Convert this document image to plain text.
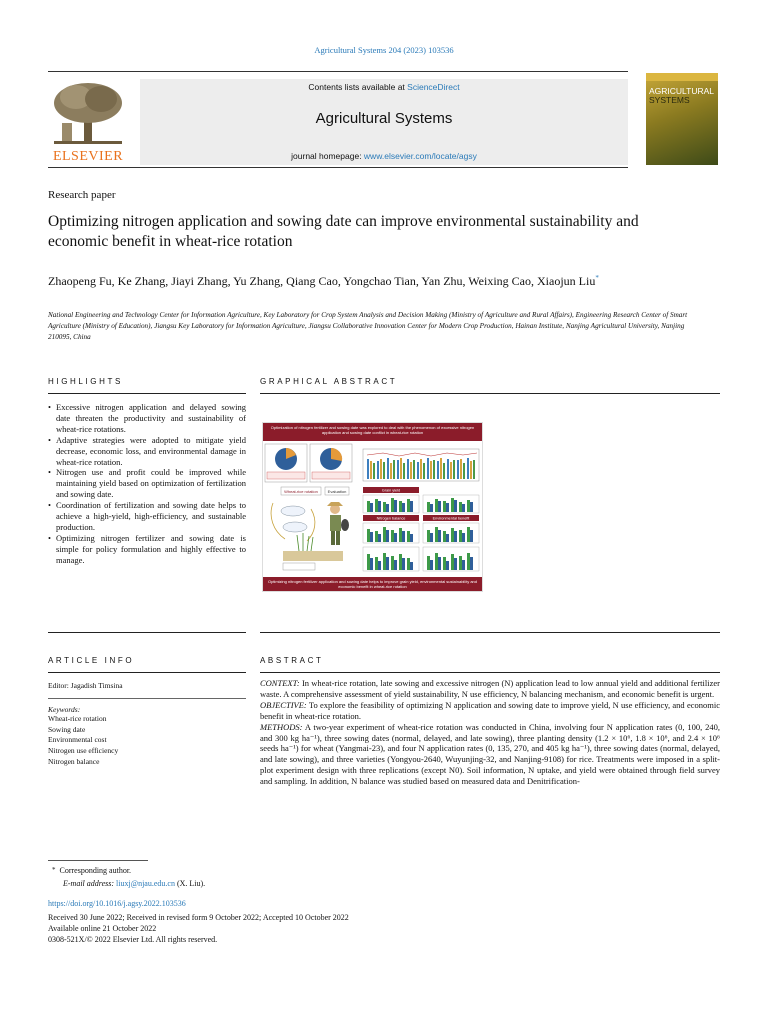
Agricultural Systems 204 (2023) 103536
ELSEVIER
Contents lists available at ScienceDirect
Agricultural Systems
journal homepage: www.elsevier.com/locate/agsy
AGRICULTURAL
SYSTEMS
Research paper
Optimizing nitrogen application and sowing date can improve environmental sustainability and economic benefit in wheat-rice rotation
Zhaopeng Fu, Ke Zhang, Jiayi Zhang, Yu Zhang, Qiang Cao, Yongchao Tian, Yan Zhu, Weixing Cao, Xiaojun Liu*
National Engineering and Technology Center for Information Agriculture, Key Laboratory for Crop System Analysis and Decision Making (Ministry of Agriculture and Rural Affairs), Engineering Research Center of Smart Agriculture (Ministry of Education), Jiangsu Key Laboratory for Information Agriculture, Jiangsu Collaborative Innovation Center for Modern Crop Production, Hainan Institute, Nanjing Agricultural University, Nanjing 210095, China
HIGHLIGHTS	GRAPHICAL ABSTRACT
• Excessive nitrogen application and delayed sowing date threaten the productivity and sustainability of wheat-rice rotations.
• Adaptive strategies were adopted to mitigate yield decrease, economic loss, and environmental damage in wheat-rice rotation.
• Nitrogen use and profit could be improved while maintaining yield based on optimization of fertilization and sowing date.
• Coordination of fertilization and sowing date helps to achieve a high-yield, high-efficiency, and sustainable production.
• Optimizing nitrogen fertilizer and sowing date is simple for policy formulation and highly effective to manage.
Optimization of nitrogen fertilizer and sowing date was explored to deal with the phenomenon of excessive nitrogen application and sowing date conflict in wheat-rice rotation
Wheat-rice rotation Evaluation	Grain yield
Nitrogen balance	Environmental benefit
Optimizing nitrogen fertilizer application and sowing date helps to improve grain yield, environmental sustainability and economic benefit in wheat-rice rotation
ARTICLE INFO	ABSTRACT
Editor: Jagadish Timsina
Keywords:
Wheat-rice rotation
Sowing date
Environmental cost
Nitrogen use efficiency
Nitrogen balance

CONTEXT: In wheat-rice rotation, late sowing and excessive nitrogen (N) application lead to low annual yield and additional fertilizer waste. A comprehensive assessment of yield sustainability, N use efficiency, N balancing mechanism, and economic benefit is urgent.

OBJECTIVE: To explore the feasibility of optimizing N application and sowing date to improve yield, N use efficiency, and economic benefit in wheat-rice rotation.

METHODS: A two-year experiment of wheat-rice rotation was conducted in China, involving four N application rates (0, 100, 240, and 300 kg ha⁻¹), three sowing dates (normal, delayed, and late sowing), three planting density (1.2 × 10⁶, 1.8 × 10⁶, and 2.4 × 10⁶ seeds ha⁻¹) for wheat (Yangmai-23), and four N application rates (0, 135, 270, and 405 kg ha⁻¹), three sowing dates (normal, delayed, and late sowing), and three varieties (Yongyou-2640, Wuyunjing-32, and Nanjing-9108) for rice. Treatments were imposed in a split-plot experiment design with three replications (except N0). Soil information, N uptake, and yield were obtained through field survey and sampling. In addition, N balance was studied based on measured data and Denitrification-

* Corresponding author.
E-mail address: liuxj@njau.edu.cn (X. Liu).
https://doi.org/10.1016/j.agsy.2022.103536
Received 30 June 2022; Received in revised form 9 October 2022; Accepted 10 October 2022
Available online 21 October 2022
0308-521X/© 2022 Elsevier Ltd. All rights reserved.
